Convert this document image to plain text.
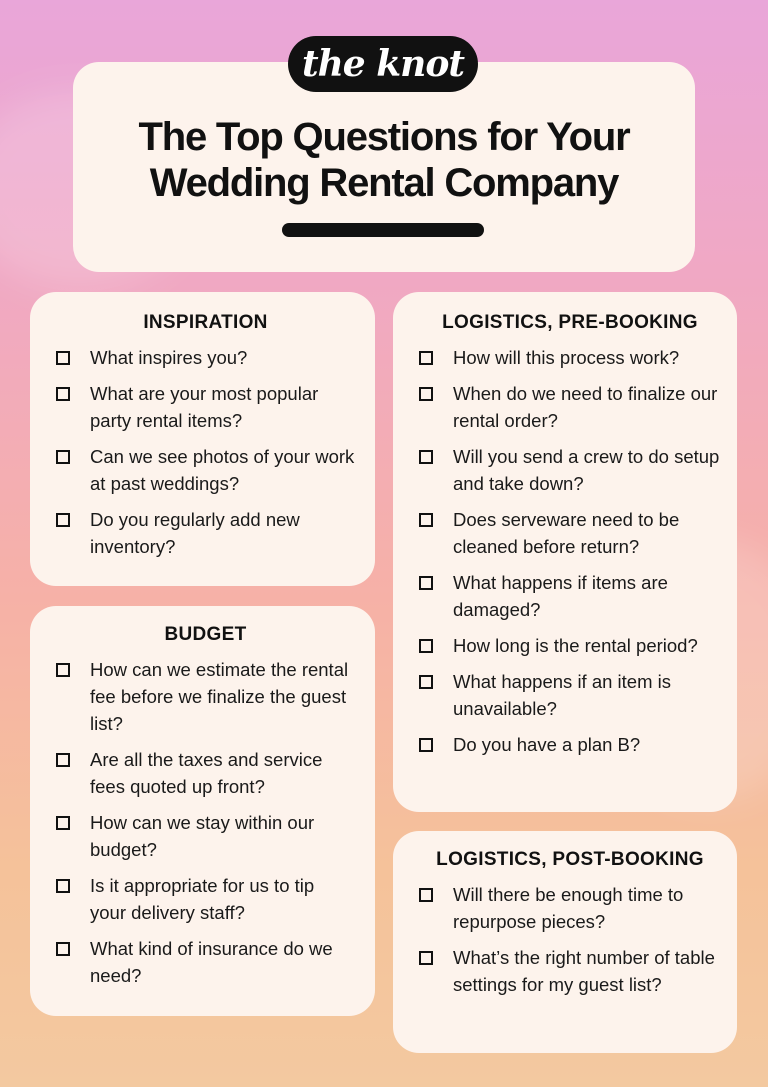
the knot
The Top Questions for Your
Wedding Rental Company
INSPIRATION
What inspires you?
What are your most popular party rental items?
Can we see photos of your work at past weddings?
Do you regularly add new inventory?
BUDGET
How can we estimate the rental fee before we finalize the guest list?
Are all the taxes and service fees quoted up front?
How can we stay within our budget?
Is it appropriate for us to tip your delivery staff?
What kind of insurance do we need?
LOGISTICS, PRE-BOOKING
How will this process work?
When do we need to finalize our rental order?
Will you send a crew to do setup and take down?
Does serveware need to be cleaned before return?
What happens if items are damaged?
How long is the rental period?
What happens if an item is unavailable?
Do you have a plan B?
LOGISTICS, POST-BOOKING
Will there be enough time to repurpose pieces?
What’s the right number of table settings for my guest list?
